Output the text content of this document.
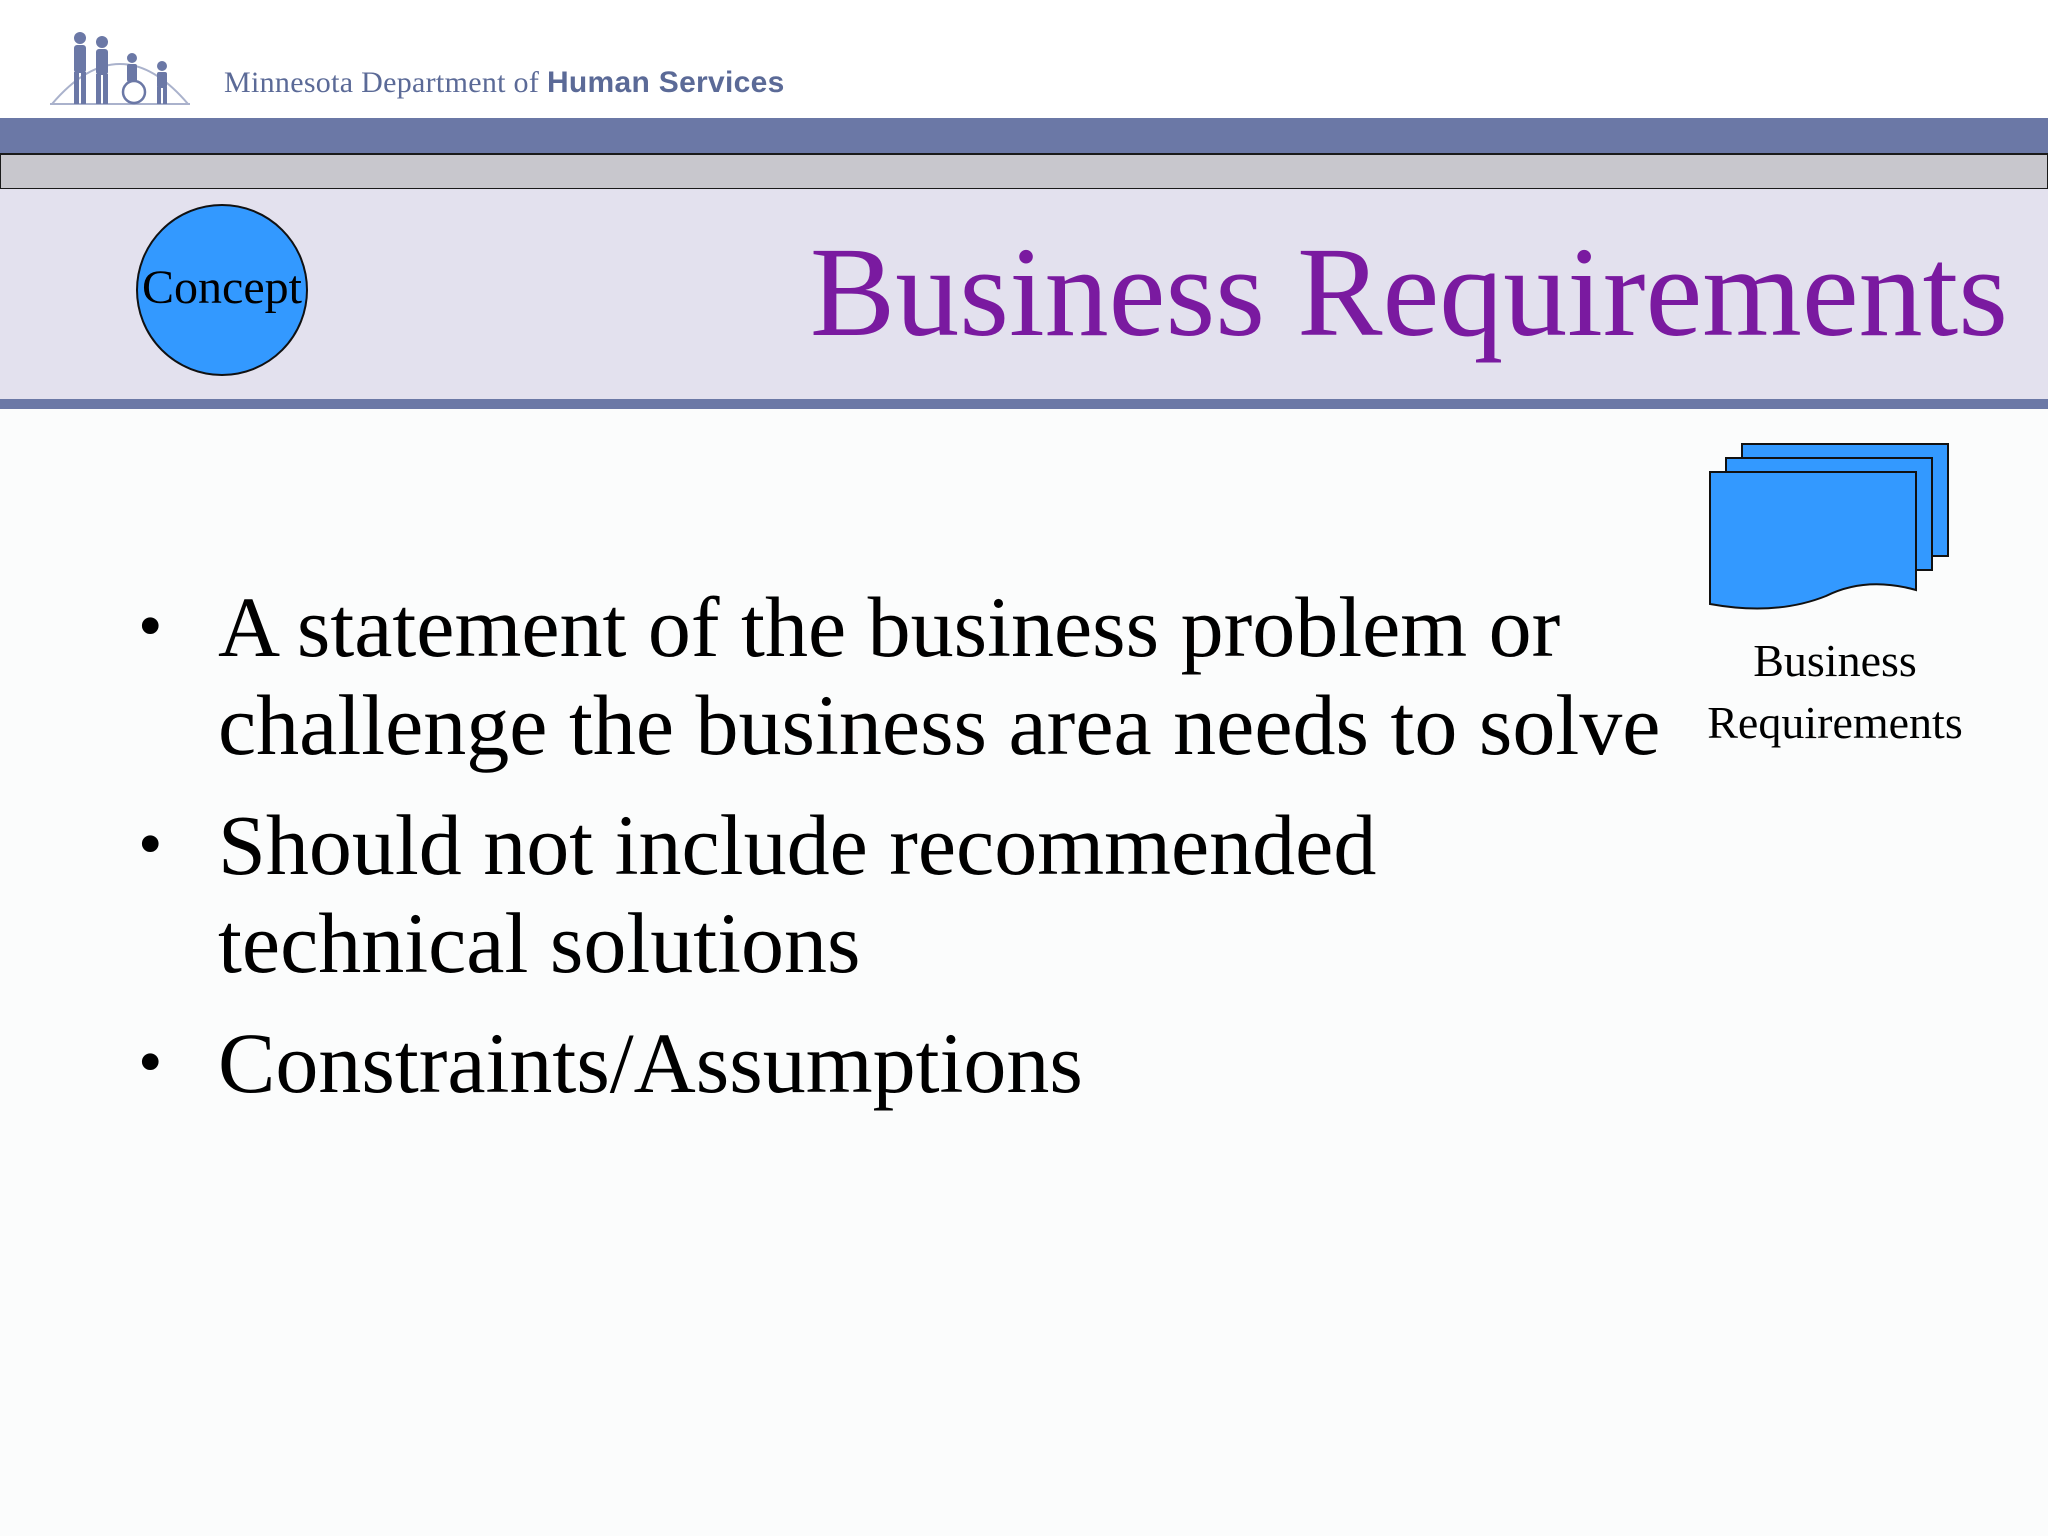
Minnesota Department of Human Services
Concept	Business Requirements
Business
Requirements
• A statement of the business problem or challenge the business area needs to solve
• Should not include recommended technical solutions
• Constraints/Assumptions
